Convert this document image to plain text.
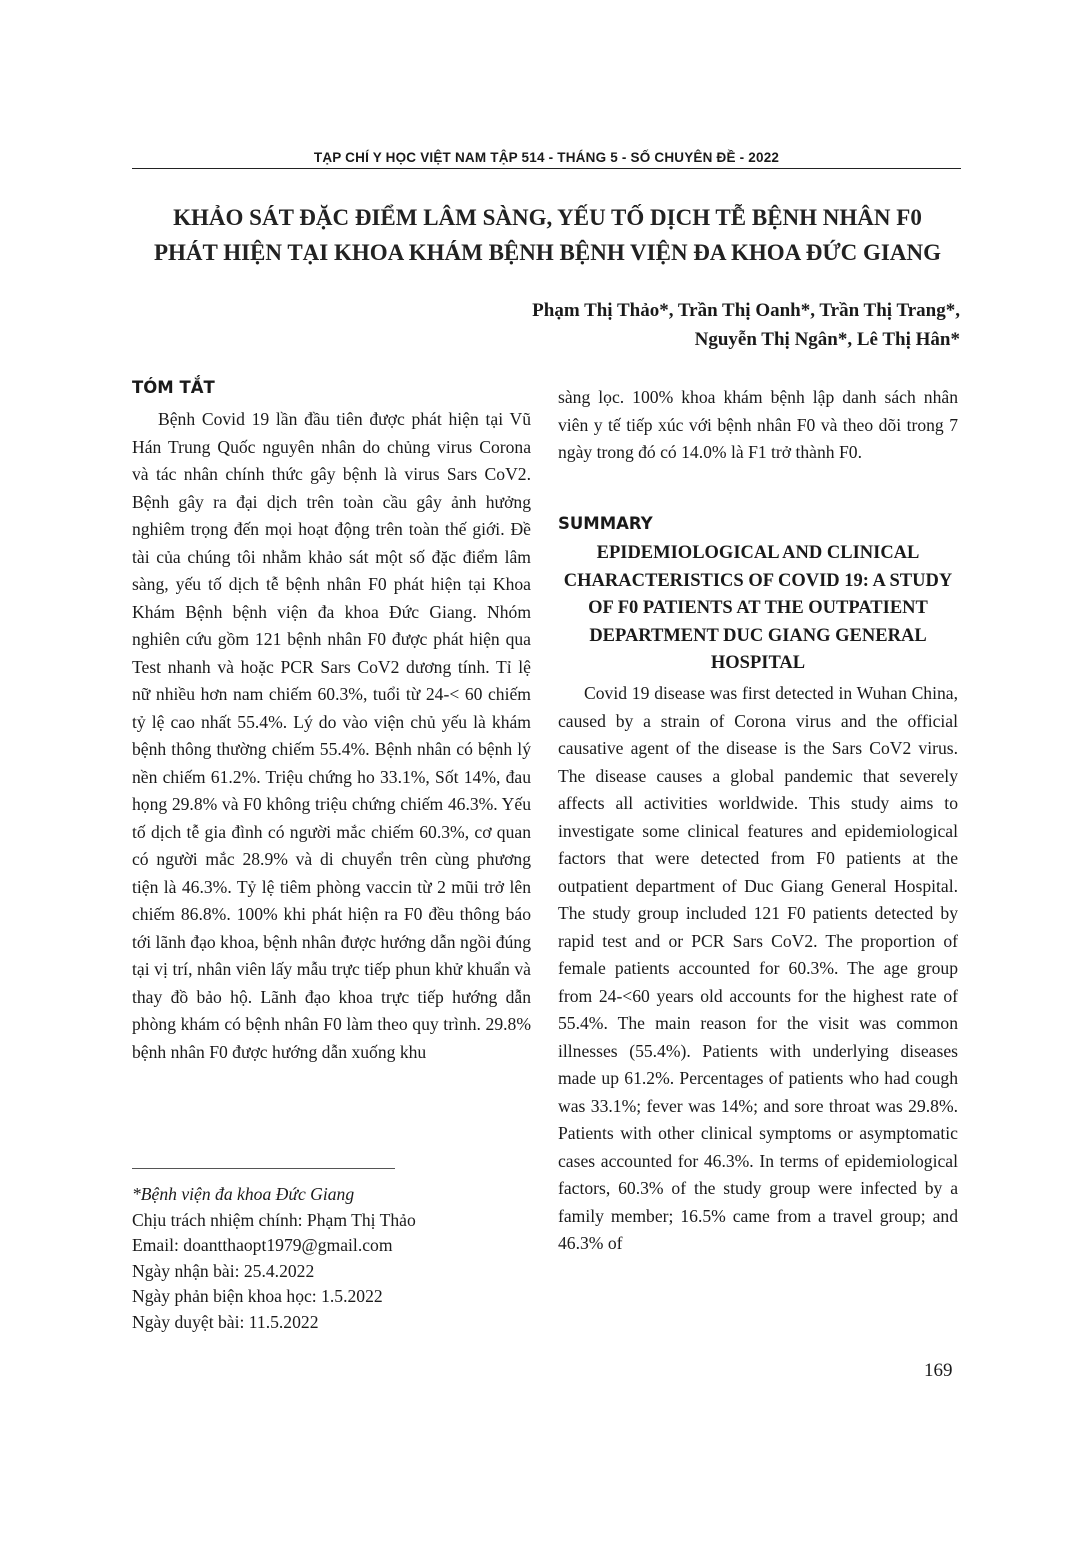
TẠP CHÍ Y HỌC VIỆT NAM TẬP 514 - THÁNG 5 - SỐ CHUYÊN ĐỀ - 2022
KHẢO SÁT ĐẶC ĐIỂM LÂM SÀNG, YẾU TỐ DỊCH TỄ BỆNH NHÂN F0
PHÁT HIỆN TẠI KHOA KHÁM BỆNH BỆNH VIỆN ĐA KHOA ĐỨC GIANG
Phạm Thị Thảo*, Trần Thị Oanh*, Trần Thị Trang*,
Nguyễn Thị Ngân*, Lê Thị Hân*
TÓM TẮT

Bệnh Covid 19 lần đầu tiên được phát hiện tại Vũ Hán Trung Quốc nguyên nhân do chủng virus Corona và tác nhân chính thức gây bệnh là virus Sars CoV2. Bệnh gây ra đại dịch trên toàn cầu gây ảnh hưởng nghiêm trọng đến mọi hoạt động trên toàn thế giới. Đề tài của chúng tôi nhằm khảo sát một số đặc điểm lâm sàng, yếu tố dịch tễ bệnh nhân F0 phát hiện tại Khoa Khám Bệnh bệnh viện đa khoa Đức Giang. Nhóm nghiên cứu gồm 121 bệnh nhân F0 được phát hiện qua Test nhanh và hoặc PCR Sars CoV2 dương tính. Tỉ lệ nữ nhiều hơn nam chiếm 60.3%, tuổi từ 24-< 60 chiếm tỷ lệ cao nhất 55.4%. Lý do vào viện chủ yếu là khám bệnh thông thường chiếm 55.4%. Bệnh nhân có bệnh lý nền chiếm 61.2%. Triệu chứng ho 33.1%, Sốt 14%, đau họng 29.8% và F0 không triệu chứng chiếm 46.3%. Yếu tố dịch tễ gia đình có người mắc chiếm 60.3%, cơ quan có người mắc 28.9% và di chuyển trên cùng phương tiện là 46.3%. Tỷ lệ tiêm phòng vaccin từ 2 mũi trở lên chiếm 86.8%. 100% khi phát hiện ra F0 đều thông báo tới lãnh đạo khoa, bệnh nhân được hướng dẫn ngồi đúng tại vị trí, nhân viên lấy mẫu trực tiếp phun khử khuẩn và thay đồ bảo hộ. Lãnh đạo khoa trực tiếp hướng dẫn phòng khám có bệnh nhân F0 làm theo quy trình. 29.8% bệnh nhân F0 được hướng dẫn xuống khu

*Bệnh viện đa khoa Đức Giang
Chịu trách nhiệm chính: Phạm Thị Thảo
Email: doantthaopt1979@gmail.com
Ngày nhận bài: 25.4.2022
Ngày phản biện khoa học: 1.5.2022
Ngày duyệt bài: 11.5.2022

sàng lọc. 100% khoa khám bệnh lập danh sách nhân viên y tế tiếp xúc với bệnh nhân F0 và theo dõi trong 7 ngày trong đó có 14.0% là F1 trở thành F0.

SUMMARY
EPIDEMIOLOGICAL AND CLINICAL CHARACTERISTICS OF COVID 19: A STUDY OF F0 PATIENTS AT THE OUTPATIENT DEPARTMENT DUC GIANG GENERAL HOSPITAL

Covid 19 disease was first detected in Wuhan China, caused by a strain of Corona virus and the official causative agent of the disease is the Sars CoV2 virus. The disease causes a global pandemic that severely affects all activities worldwide. This study aims to investigate some clinical features and epidemiological factors that were detected from F0 patients at the outpatient department of Duc Giang General Hospital. The study group included 121 F0 patients detected by rapid test and or PCR Sars CoV2. The proportion of female patients accounted for 60.3%. The age group from 24-<60 years old accounts for the highest rate of 55.4%. The main reason for the visit was common illnesses (55.4%). Patients with underlying diseases made up 61.2%. Percentages of patients who had cough was 33.1%; fever was 14%; and sore throat was 29.8%. Patients with other clinical symptoms or asymptomatic cases accounted for 46.3%. In terms of epidemiological factors, 60.3% of the study group were infected by a family member; 16.5% came from a travel group; and 46.3% of

169
